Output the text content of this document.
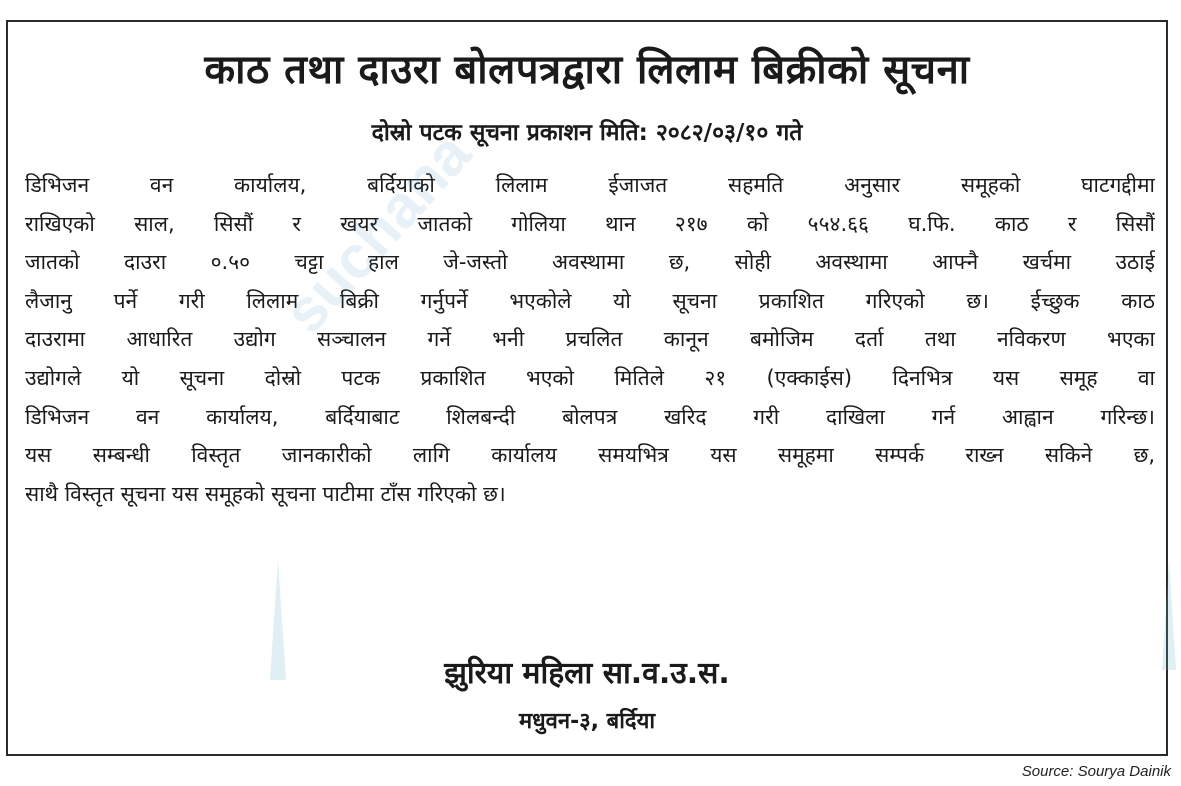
काठ तथा दाउरा बोलपत्रद्वारा लिलाम बिक्रीको सूचना
दोस्रो पटक सूचना प्रकाशन मिति: २०८२/०३/१० गते
डिभिजन वन कार्यालय, बर्दियाको लिलाम ईजाजत सहमति अनुसार समूहको घाटगद्दीमा
राखिएको साल, सिसौं र खयर जातको गोलिया थान २१७ को ५५४.६६ घ.फि. काठ र सिसौं
जातको दाउरा ०.५० चट्टा हाल जे-जस्तो अवस्थामा छ, सोही अवस्थामा आफ्नै खर्चमा उठाई
लैजानु पर्ने गरी लिलाम बिक्री गर्नुपर्ने भएकोले यो सूचना प्रकाशित गरिएको छ। ईच्छुक काठ
दाउरामा आधारित उद्योग सञ्चालन गर्ने भनी प्रचलित कानून बमोजिम दर्ता तथा नविकरण भएका
उद्योगले यो सूचना दोस्रो पटक प्रकाशित भएको मितिले २१ (एक्काईस) दिनभित्र यस समूह वा
डिभिजन वन कार्यालय, बर्दियाबाट शिलबन्दी बोलपत्र खरिद गरी दाखिला गर्न आह्वान गरिन्छ।
यस सम्बन्धी विस्तृत जानकारीको लागि कार्यालय समयभित्र यस समूहमा सम्पर्क राख्न सकिने छ,
साथै विस्तृत सूचना यस समूहको सूचना पाटीमा टाँस गरिएको छ।
झुरिया महिला सा.व.उ.स.
मधुवन-३, बर्दिया
Source: Sourya Dainik
